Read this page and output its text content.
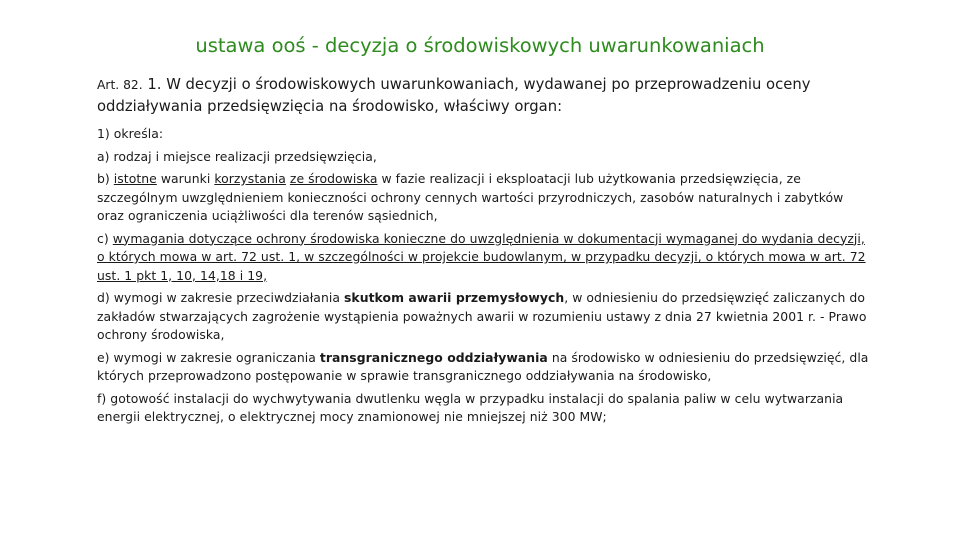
ustawa ooś - decyzja o środowiskowych uwarunkowaniach
Art. 82. 1. W decyzji o środowiskowych uwarunkowaniach, wydawanej po przeprowadzeniu oceny oddziaływania przedsięwzięcia na środowisko, właściwy organ:
1) określa:
a) rodzaj i miejsce realizacji przedsięwzięcia,
b) istotne warunki korzystania ze środowiska w fazie realizacji i eksploatacji lub użytkowania przedsięwzięcia, ze szczególnym uwzględnieniem konieczności ochrony cennych wartości przyrodniczych, zasobów naturalnych i zabytków oraz ograniczenia uciążliwości dla terenów sąsiednich,
c) wymagania dotyczące ochrony środowiska konieczne do uwzględnienia w dokumentacji wymaganej do wydania decyzji, o których mowa w art. 72 ust. 1, w szczególności w projekcie budowlanym, w przypadku decyzji, o których mowa w art. 72 ust. 1 pkt 1, 10, 14,18 i 19,
d) wymogi w zakresie przeciwdziałania skutkom awarii przemysłowych, w odniesieniu do przedsięwzięć zaliczanych do zakładów stwarzających zagrożenie wystąpienia poważnych awarii w rozumieniu ustawy z dnia 27 kwietnia 2001 r. - Prawo ochrony środowiska,
e) wymogi w zakresie ograniczania transgranicznego oddziaływania na środowisko w odniesieniu do przedsięwzięć, dla których przeprowadzono postępowanie w sprawie transgranicznego oddziaływania na środowisko,
f) gotowość instalacji do wychwytywania dwutlenku węgla w przypadku instalacji do spalania paliw w celu wytwarzania energii elektrycznej, o elektrycznej mocy znamionowej nie mniejszej niż 300 MW;
